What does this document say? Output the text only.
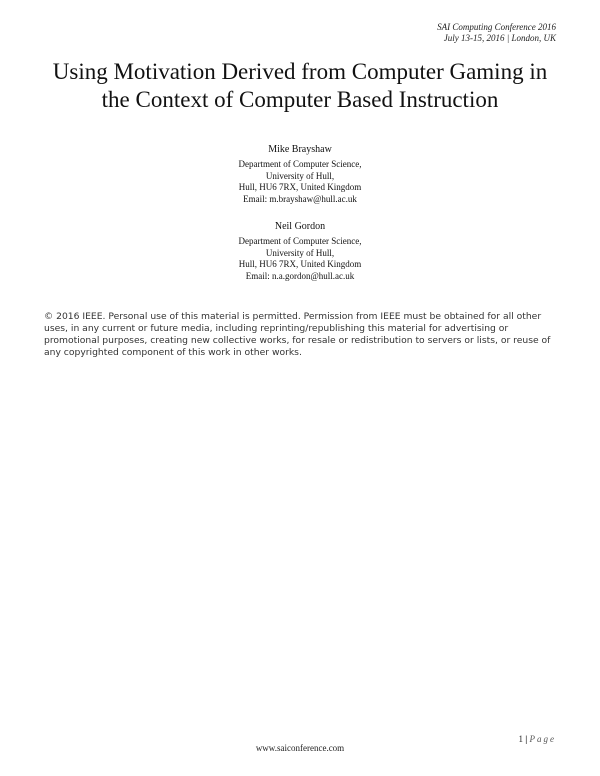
SAI Computing Conference 2016
July 13-15, 2016 | London, UK
Using Motivation Derived from Computer Gaming in
the Context of Computer Based Instruction
Mike Brayshaw
Department of Computer Science,
University of Hull,
Hull, HU6 7RX, United Kingdom
Email: m.brayshaw@hull.ac.uk
Neil Gordon
Department of Computer Science,
University of Hull,
Hull, HU6 7RX, United Kingdom
Email: n.a.gordon@hull.ac.uk
© 2016 IEEE. Personal use of this material is permitted. Permission from IEEE must be obtained for all other uses, in any current or future media, including reprinting/republishing this material for advertising or promotional purposes, creating new collective works, for resale or redistribution to servers or lists, or reuse of any copyrighted component of this work in other works.
1 | Page
www.saiconference.com
